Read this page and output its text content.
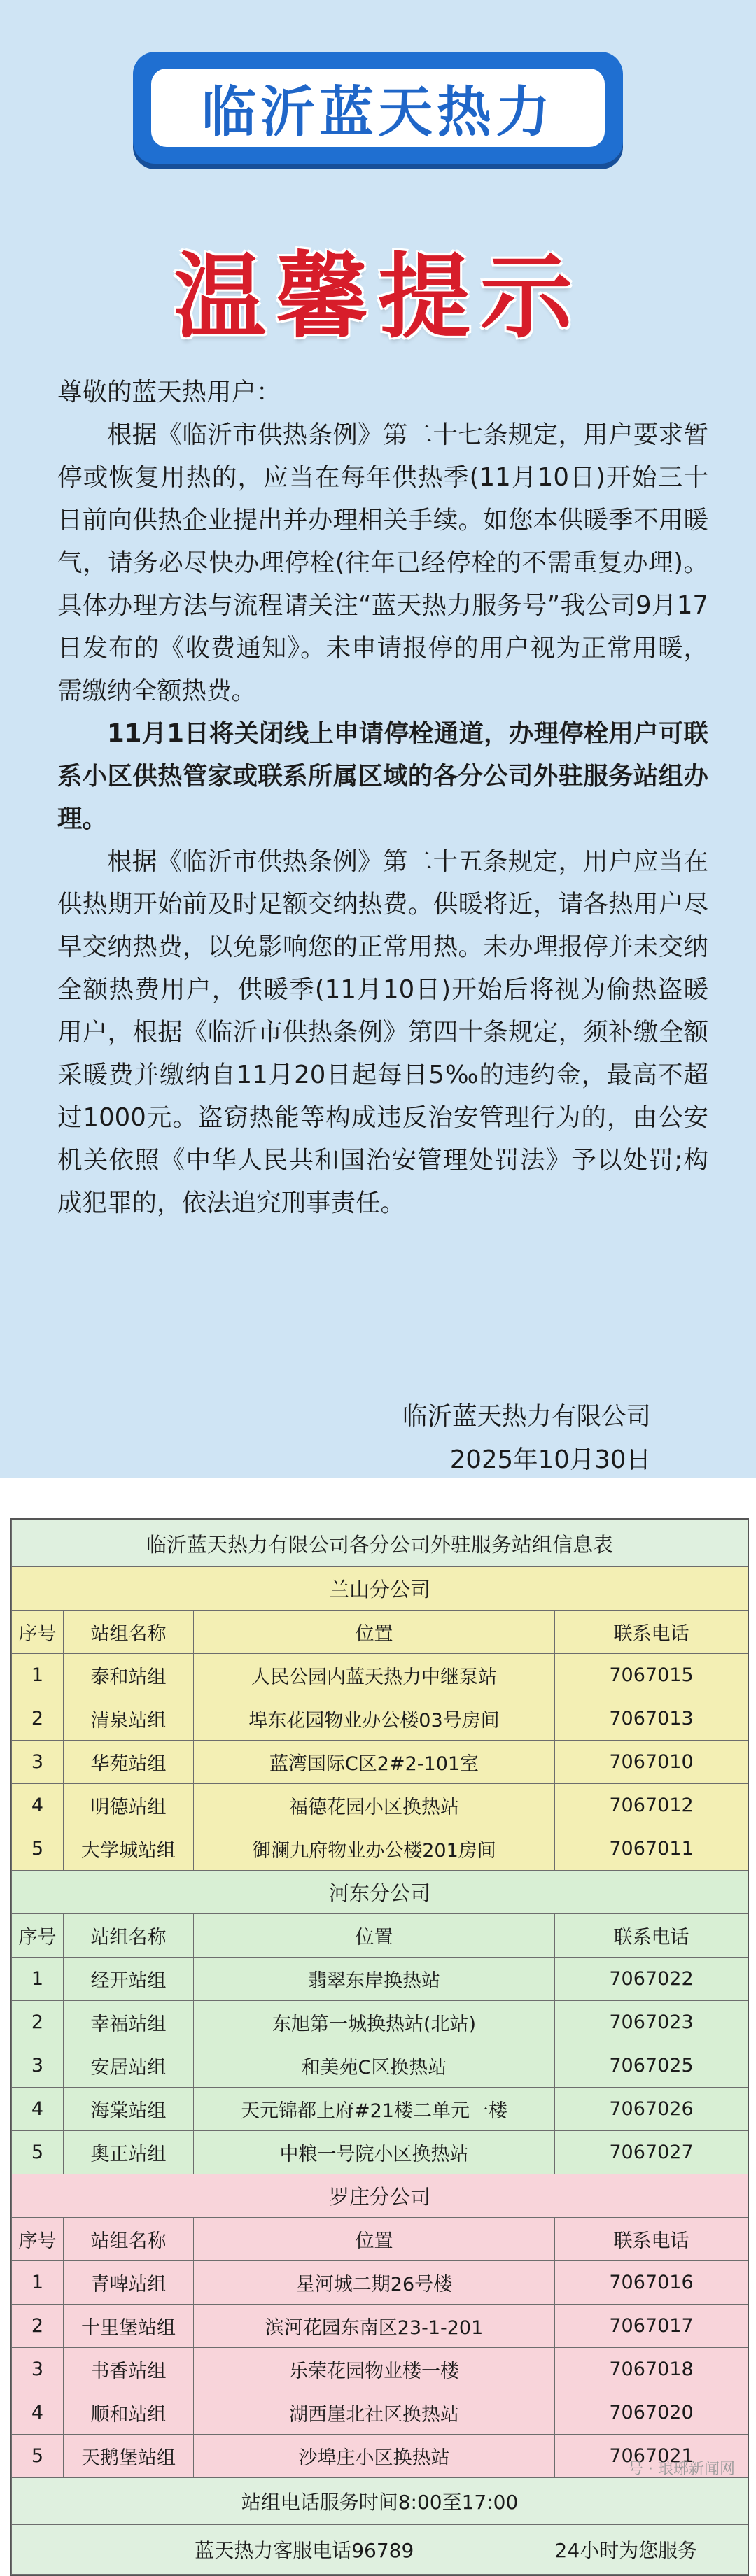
临沂蓝天热力
温馨提示

尊敬的蓝天热用户：

根据《临沂市供热条例》第二十七条规定，用户要求暂停或恢复用热的，应当在每年供热季(11月10日)开始三十日前向供热企业提出并办理相关手续。如您本供暖季不用暖气，请务必尽快办理停栓(往年已经停栓的不需重复办理)。具体办理方法与流程请关注“蓝天热力服务号”我公司9月17日发布的《收费通知》。未申请报停的用户视为正常用暖，需缴纳全额热费。

11月1日将关闭线上申请停栓通道，办理停栓用户可联系小区供热管家或联系所属区域的各分公司外驻服务站组办理。

根据《临沂市供热条例》第二十五条规定，用户应当在供热期开始前及时足额交纳热费。供暖将近，请各热用户尽早交纳热费，以免影响您的正常用热。未办理报停并未交纳全额热费用户，供暖季(11月10日)开始后将视为偷热盗暖用户，根据《临沂市供热条例》第四十条规定，须补缴全额采暖费并缴纳自11月20日起每日5‰的违约金，最高不超过1000元。盗窃热能等构成违反治安管理行为的，由公安机关依照《中华人民共和国治安管理处罚法》予以处罚;构成犯罪的，依法追究刑事责任。

临沂蓝天热力有限公司
2025年10月30日
临沂蓝天热力有限公司各分公司外驻服务站组信息表			
兰山分公司			
序号	站组名称	位置	联系电话
1	泰和站组	人民公园内蓝天热力中继泵站	7067015
2	清泉站组	埠东花园物业办公楼03号房间	7067013
3	华苑站组	蓝湾国际C区2#2-101室	7067010
4	明德站组	福德花园小区换热站	7067012
5	大学城站组	御澜九府物业办公楼201房间	7067011
河东分公司			
序号	站组名称	位置	联系电话
1	经开站组	翡翠东岸换热站	7067022
2	幸福站组	东旭第一城换热站(北站)	7067023
3	安居站组	和美苑C区换热站	7067025
4	海棠站组	天元锦都上府#21楼二单元一楼	7067026
5	奥正站组	中粮一号院小区换热站	7067027
罗庄分公司			
序号	站组名称	位置	联系电话
1	青啤站组	星河城二期26号楼	7067016
2	十里堡站组	滨河花园东南区23-1-201	7067017
3	书香站组	乐荣花园物业楼一楼	7067018
4	顺和站组	湖西崖北社区换热站	7067020
5	天鹅堡站组	沙埠庄小区换热站	7067021
站组电话服务时间8:00至17:00			
蓝天热力客服电话96789			24小时为您服务
号 · 琅琊新闻网
